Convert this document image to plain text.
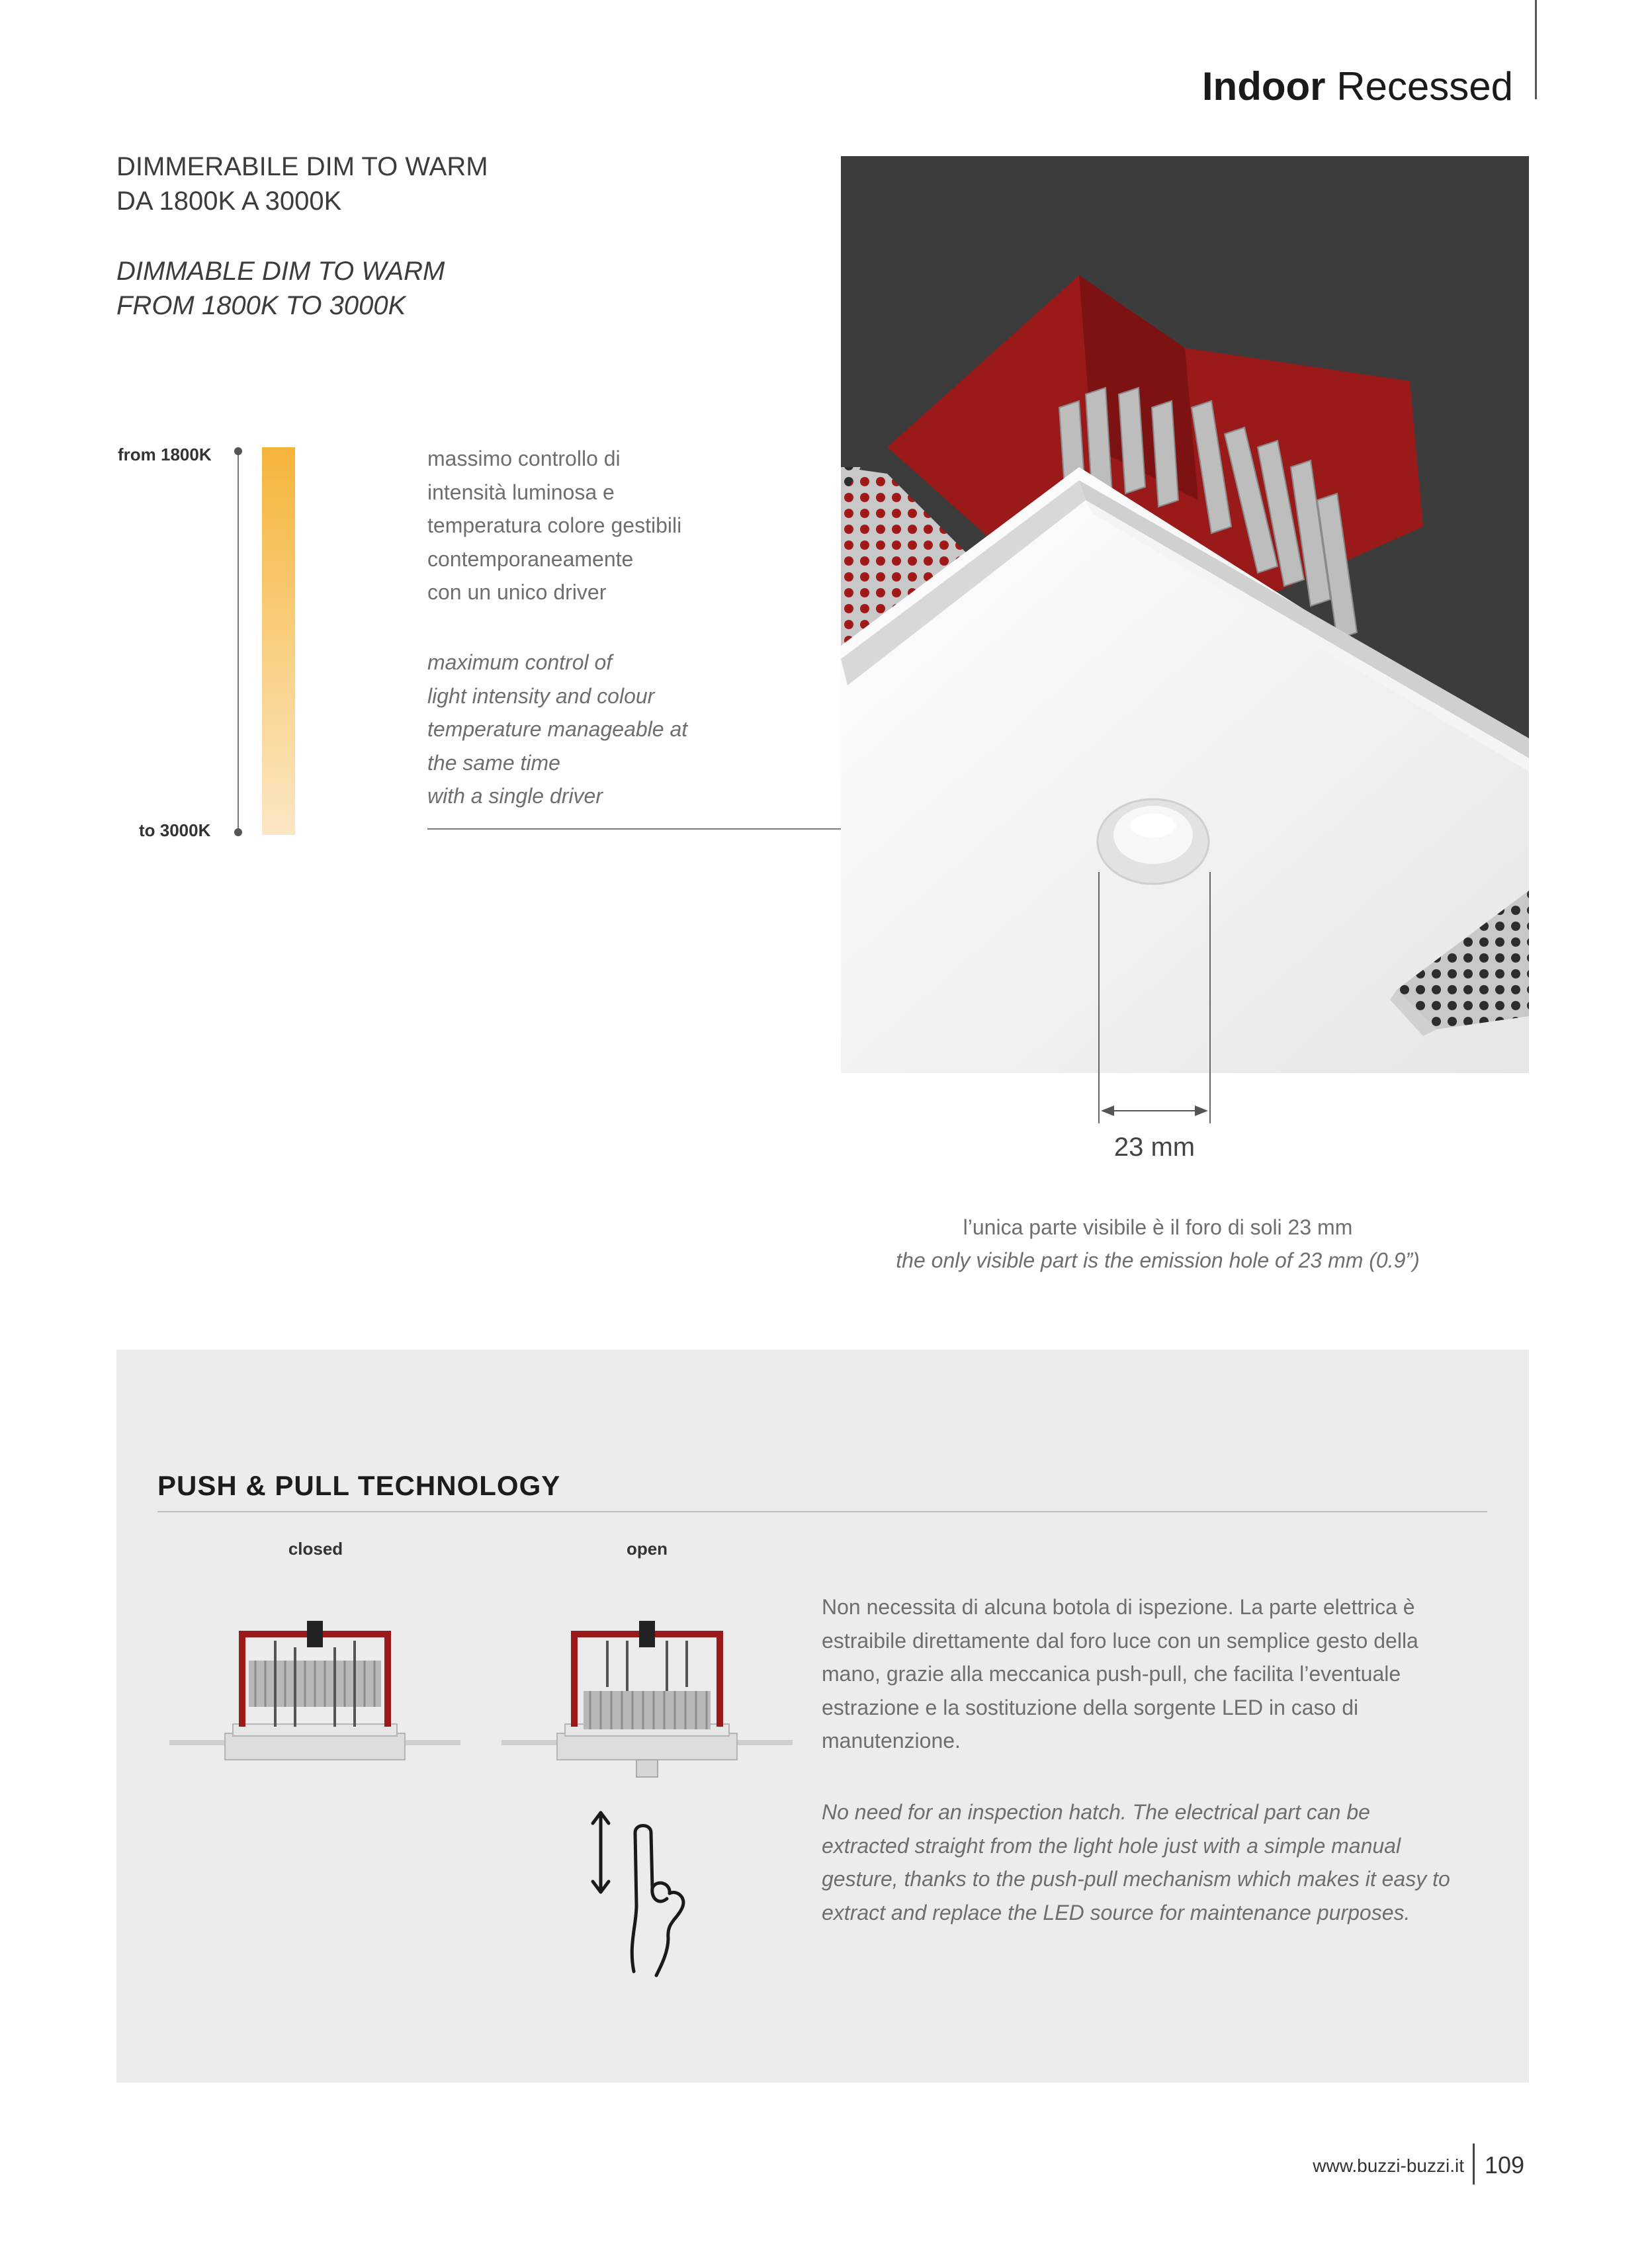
Indoor Recessed
DIMMERABILE DIM TO WARM
DA 1800K A 3000K
DIMMABLE DIM TO WARM
FROM 1800K TO 3000K
from 1800K
to 3000K
massimo controllo di
intensità luminosa e
temperatura colore gestibili
contemporaneamente
con un unico driver
maximum control of
light intensity and colour
temperature manageable at
the same time
with a single driver
23 mm
l’unica parte visibile è il foro di soli 23 mm
the only visible part is the emission hole of 23 mm (0.9”)
PUSH & PULL TECHNOLOGY
closed	open
Non necessita di alcuna botola di ispezione. La parte elettrica è
estraibile direttamente dal foro luce con un semplice gesto della
mano, grazie alla meccanica push-pull, che facilita l’eventuale
estrazione e la sostituzione della sorgente LED in caso di
manutenzione.
No need for an inspection hatch. The electrical part can be
extracted straight from the light hole just with a simple manual
gesture, thanks to the push-pull mechanism which makes it easy to
extract and replace the LED source for maintenance purposes.
www.buzzi-buzzi.it 109
